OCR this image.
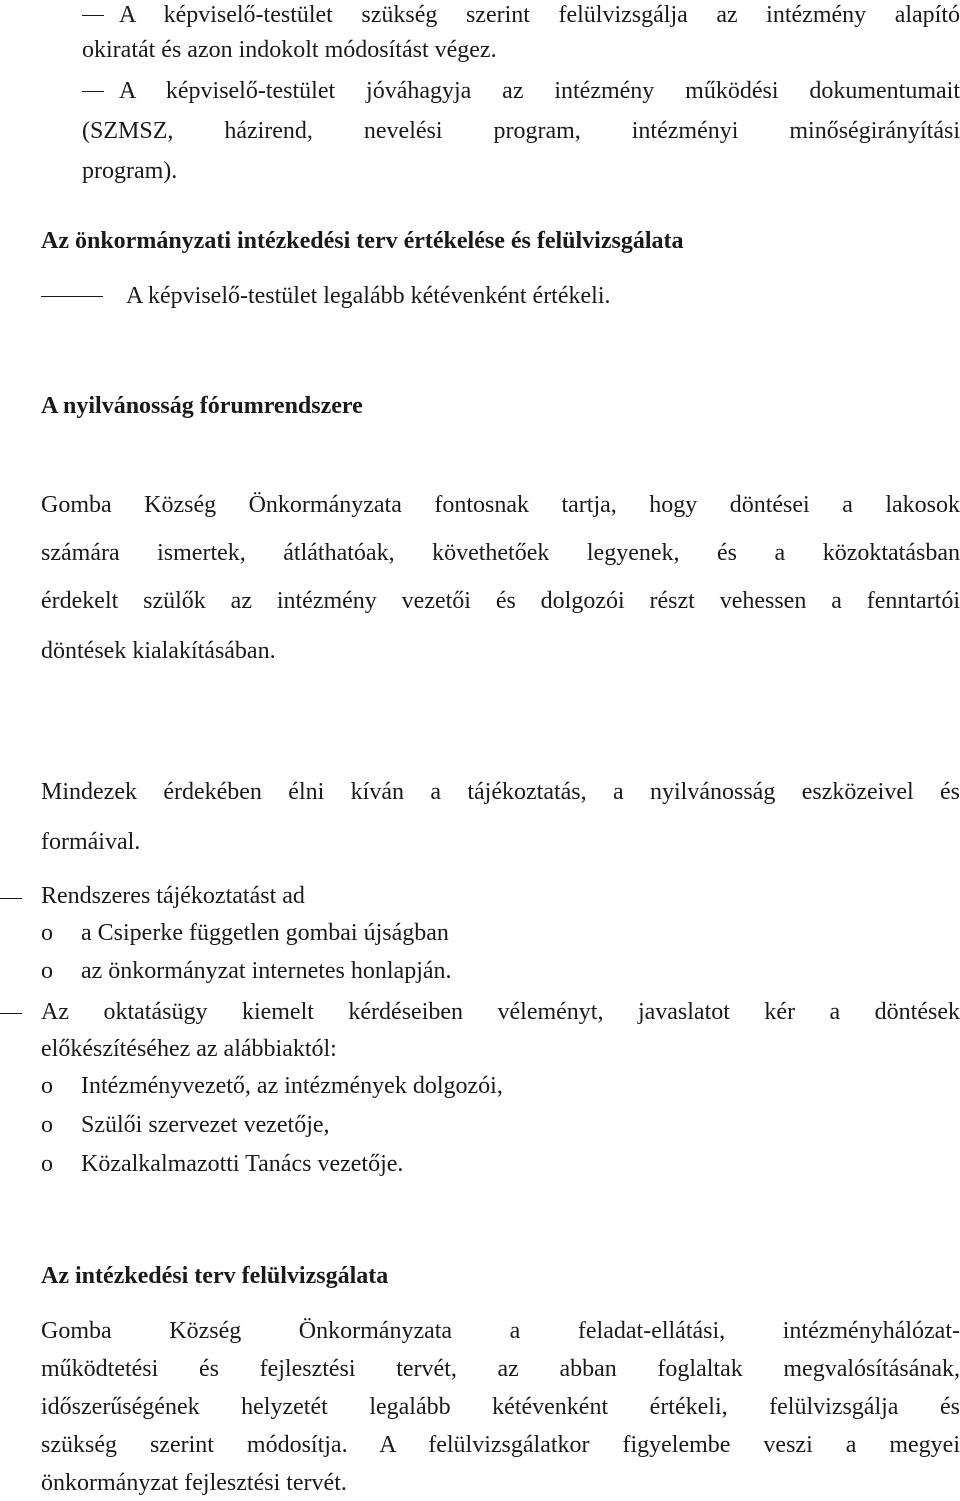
A képviselő-testület szükség szerint felülvizsgálja az intézmény alapító
okiratát és azon indokolt módosítást végez.
A képviselő-testület jóváhagyja az intézmény működési dokumentumait
(SZMSZ, házirend, nevelési program, intézményi minőségirányítási
program).
Az önkormányzati intézkedési terv értékelése és felülvizsgálata
A képviselő-testület legalább kétévenként értékeli.
A nyilvánosság fórumrendszere
Gomba Község Önkormányzata fontosnak tartja, hogy döntései a lakosok
számára ismertek, átláthatóak, követhetőek legyenek, és a közoktatásban
érdekelt szülők az intézmény vezetői és dolgozói részt vehessen a fenntartói
döntések kialakításában.
Mindezek érdekében élni kíván a tájékoztatás, a nyilvánosság eszközeivel és
formáival.
Rendszeres tájékoztatást ad
o a Csiperke független gombai újságban
o az önkormányzat internetes honlapján.
Az oktatásügy kiemelt kérdéseiben véleményt, javaslatot kér a döntések
előkészítéséhez az alábbiaktól:
o Intézményvezető, az intézmények dolgozói,
o Szülői szervezet vezetője,
o Közalkalmazotti Tanács vezetője.
Az intézkedési terv felülvizsgálata
Gomba Község Önkormányzata a feladat-ellátási, intézményhálózat-
működtetési és fejlesztési tervét, az abban foglaltak megvalósításának,
időszerűségének helyzetét legalább kétévenként értékeli, felülvizsgálja és
szükség szerint módosítja. A felülvizsgálatkor figyelembe veszi a megyei
önkormányzat fejlesztési tervét.
